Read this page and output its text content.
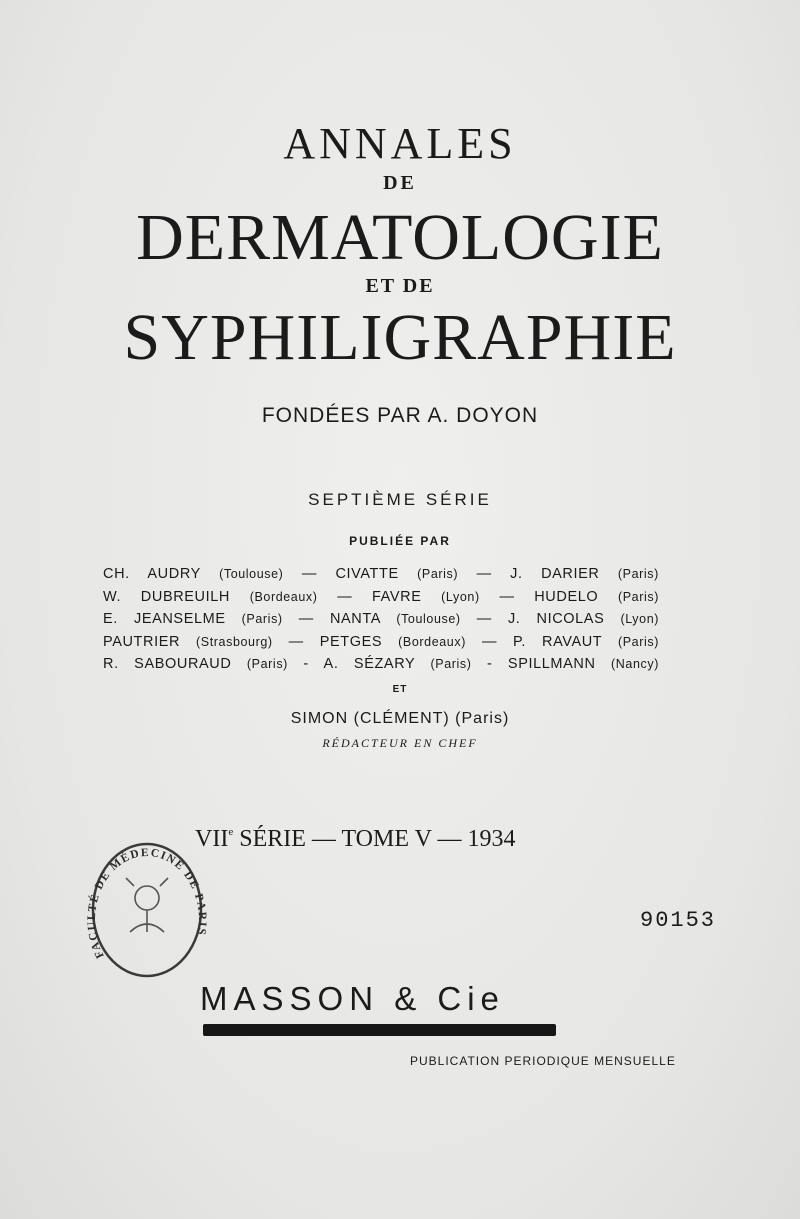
ANNALES
DE
DERMATOLOGIE
ET DE
SYPHILIGRAPHIE
FONDÉES PAR A. DOYON
SEPTIÈME SÉRIE
PUBLIÉE PAR
CH. AUDRY (Toulouse) — CIVATTE (Paris) — J. DARIER (Paris)
W. DUBREUILH (Bordeaux) — FAVRE (Lyon) — HUDELO (Paris)
E. JEANSELME (Paris) — NANTA (Toulouse) — J. NICOLAS (Lyon)
PAUTRIER (Strasbourg) — PETGES (Bordeaux) — P. RAVAUT (Paris)
R. SABOURAUD (Paris) - A. SÉZARY (Paris) - SPILLMANN (Nancy)
ET
SIMON (CLÉMENT) (Paris)
RÉDACTEUR EN CHEF
FACULTÉ DE MÉDECINE DE PARIS
VIIe SÉRIE — TOME V — 1934
90153
MASSON & Cie
PUBLICATION PERIODIQUE MENSUELLE
